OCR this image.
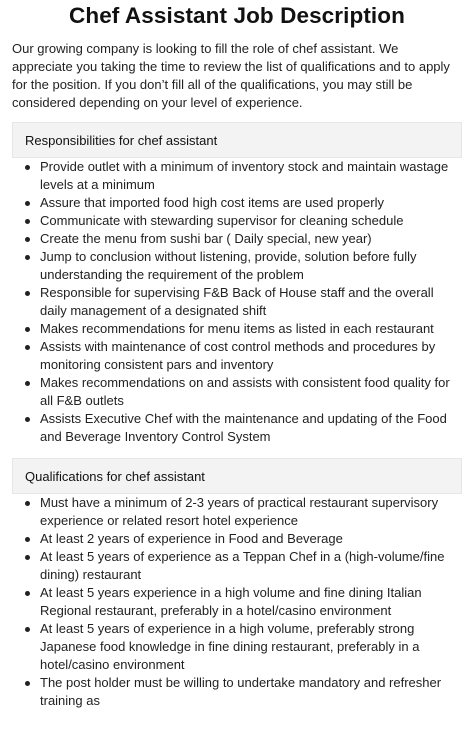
Chef Assistant Job Description

Our growing company is looking to fill the role of chef assistant. We appreciate you taking the time to review the list of qualifications and to apply for the position. If you don’t fill all of the qualifications, you may still be considered depending on your level of experience.

Responsibilities for chef assistant
Provide outlet with a minimum of inventory stock and maintain wastage levels at a minimum
Assure that imported food high cost items are used properly
Communicate with stewarding supervisor for cleaning schedule
Create the menu from sushi bar ( Daily special, new year)
Jump to conclusion without listening, provide, solution before fully understanding the requirement of the problem
Responsible for supervising F&B Back of House staff and the overall daily management of a designated shift
Makes recommendations for menu items as listed in each restaurant
Assists with maintenance of cost control methods and procedures by monitoring consistent pars and inventory
Makes recommendations on and assists with consistent food quality for all F&B outlets
Assists Executive Chef with the maintenance and updating of the Food and Beverage Inventory Control System
Qualifications for chef assistant
Must have a minimum of 2-3 years of practical restaurant supervisory experience or related resort hotel experience
At least 2 years of experience in Food and Beverage
At least 5 years of experience as a Teppan Chef in a (high-volume/fine dining) restaurant
At least 5 years experience in a high volume and fine dining Italian Regional restaurant, preferably in a hotel/casino environment
At least 5 years of experience in a high volume, preferably strong Japanese food knowledge in fine dining restaurant, preferably in a hotel/casino environment
The post holder must be willing to undertake mandatory and refresher training as
